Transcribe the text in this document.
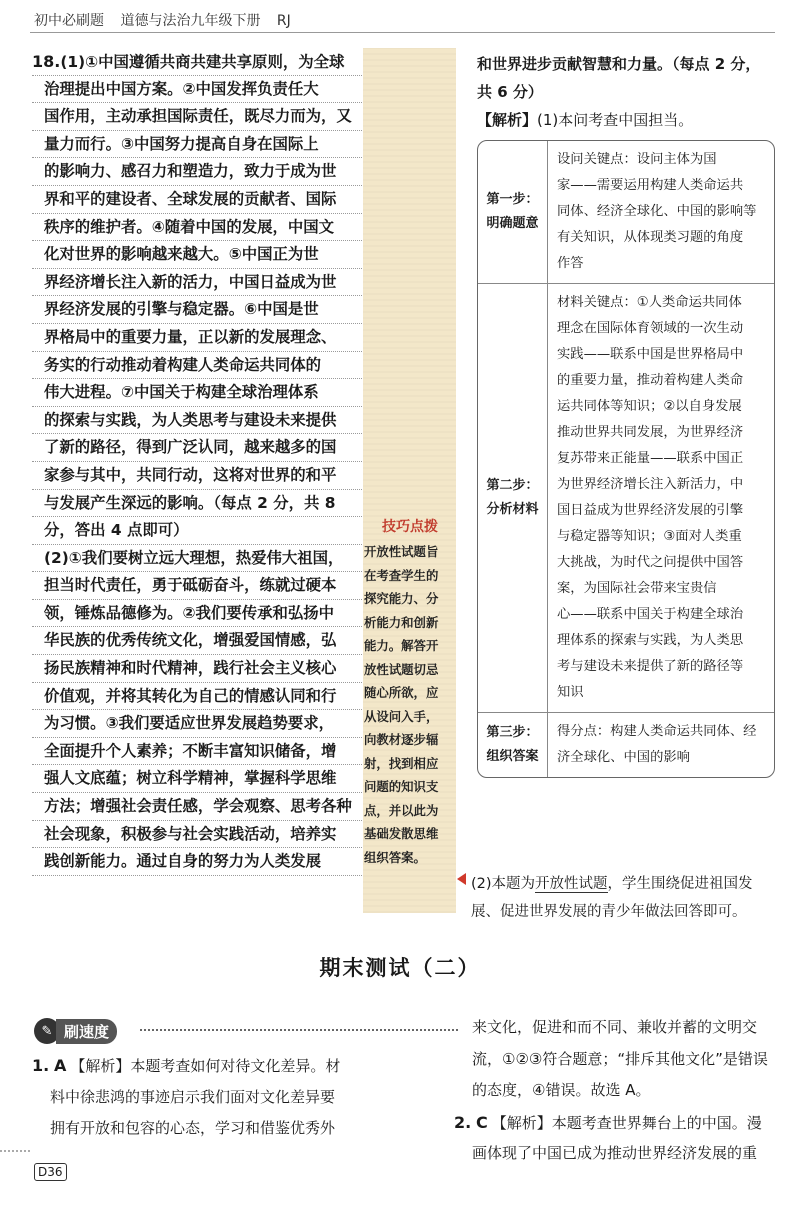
初中必刷题 道德与法治九年级下册 RJ
技巧点拨
开放性试题旨
在考查学生的
探究能力、分
析能力和创新
能力。解答开
放性试题切忌
随心所欲，应
从设问入手，
向教材逐步辐
射，找到相应
问题的知识支
点，并以此为
基础发散思维
组织答案。
18.(1)①中国遵循共商共建共享原则，为全球
治理提出中国方案。②中国发挥负责任大
国作用，主动承担国际责任，既尽力而为，又
量力而行。③中国努力提高自身在国际上
的影响力、感召力和塑造力，致力于成为世
界和平的建设者、全球发展的贡献者、国际
秩序的维护者。④随着中国的发展，中国文
化对世界的影响越来越大。⑤中国正为世
界经济增长注入新的活力，中国日益成为世
界经济发展的引擎与稳定器。⑥中国是世
界格局中的重要力量，正以新的发展理念、
务实的行动推动着构建人类命运共同体的
伟大进程。⑦中国关于构建全球治理体系
的探索与实践，为人类思考与建设未来提供
了新的路径，得到广泛认同，越来越多的国
家参与其中，共同行动，这将对世界的和平
与发展产生深远的影响。（每点 2 分，共 8
分，答出 4 点即可）
(2)①我们要树立远大理想，热爱伟大祖国，
担当时代责任，勇于砥砺奋斗，练就过硬本
领，锤炼品德修为。②我们要传承和弘扬中
华民族的优秀传统文化，增强爱国情感，弘
扬民族精神和时代精神，践行社会主义核心
价值观，并将其转化为自己的情感认同和行
为习惯。③我们要适应世界发展趋势要求，
全面提升个人素养；不断丰富知识储备，增
强人文底蕴；树立科学精神，掌握科学思维
方法；增强社会责任感，学会观察、思考各种
社会现象，积极参与社会实践活动，培养实
践创新能力。通过自身的努力为人类发展
和世界进步贡献智慧和力量。（每点 2 分，
共 6 分）
【解析】(1)本问考查中国担当。
第一步：
明确题意
设问关键点：设问主体为国
家——需要运用构建人类命运共
同体、经济全球化、中国的影响等
有关知识，从体现类习题的角度
作答
第二步：
分析材料
材料关键点：①人类命运共同体
理念在国际体育领域的一次生动
实践——联系中国是世界格局中
的重要力量，推动着构建人类命
运共同体等知识；②以自身发展
推动世界共同发展，为世界经济
复苏带来正能量——联系中国正
为世界经济增长注入新活力，中
国日益成为世界经济发展的引擎
与稳定器等知识；③面对人类重
大挑战，为时代之问提供中国答
案，为国际社会带来宝贵信
心——联系中国关于构建全球治
理体系的探索与实践，为人类思
考与建设未来提供了新的路径等
知识
第三步：
组织答案
得分点：构建人类命运共同体、经
济全球化、中国的影响
(2)本题为开放性试题，学生围绕促进祖国发
展、促进世界发展的青少年做法回答即可。
期末测试（二）
✎ 刷速度
1. A 【解析】本题考查如何对待文化差异。材
料中徐悲鸿的事迹启示我们面对文化差异要
拥有开放和包容的心态，学习和借鉴优秀外
来文化，促进和而不同、兼收并蓄的文明交
流，①②③符合题意；“排斥其他文化”是错误
的态度，④错误。故选 A。
2. C 【解析】本题考查世界舞台上的中国。漫
画体现了中国已成为推动世界经济发展的重
D36
